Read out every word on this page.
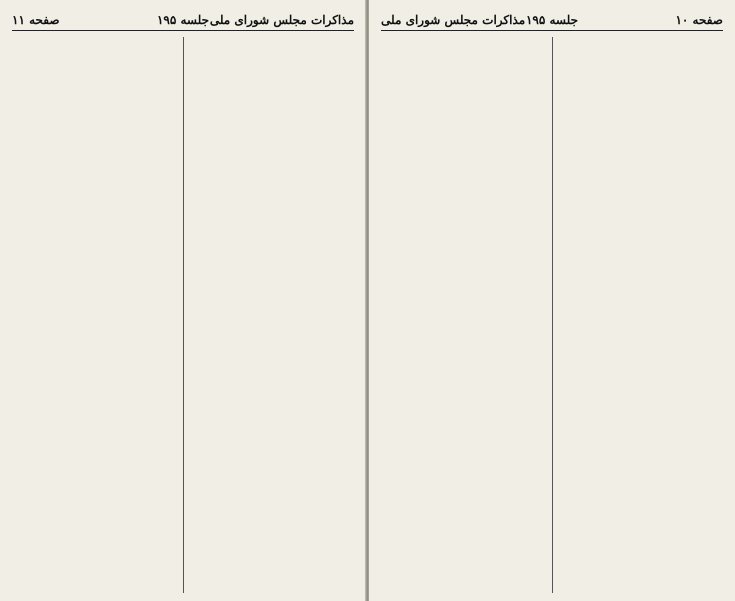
مذاکرات مجلس شورای ملی
جلسه ۱۹۵
صفحه ۱۱	صفحه ۱۰
جلسه ۱۹۵
مذاکرات مجلس شورای ملی
